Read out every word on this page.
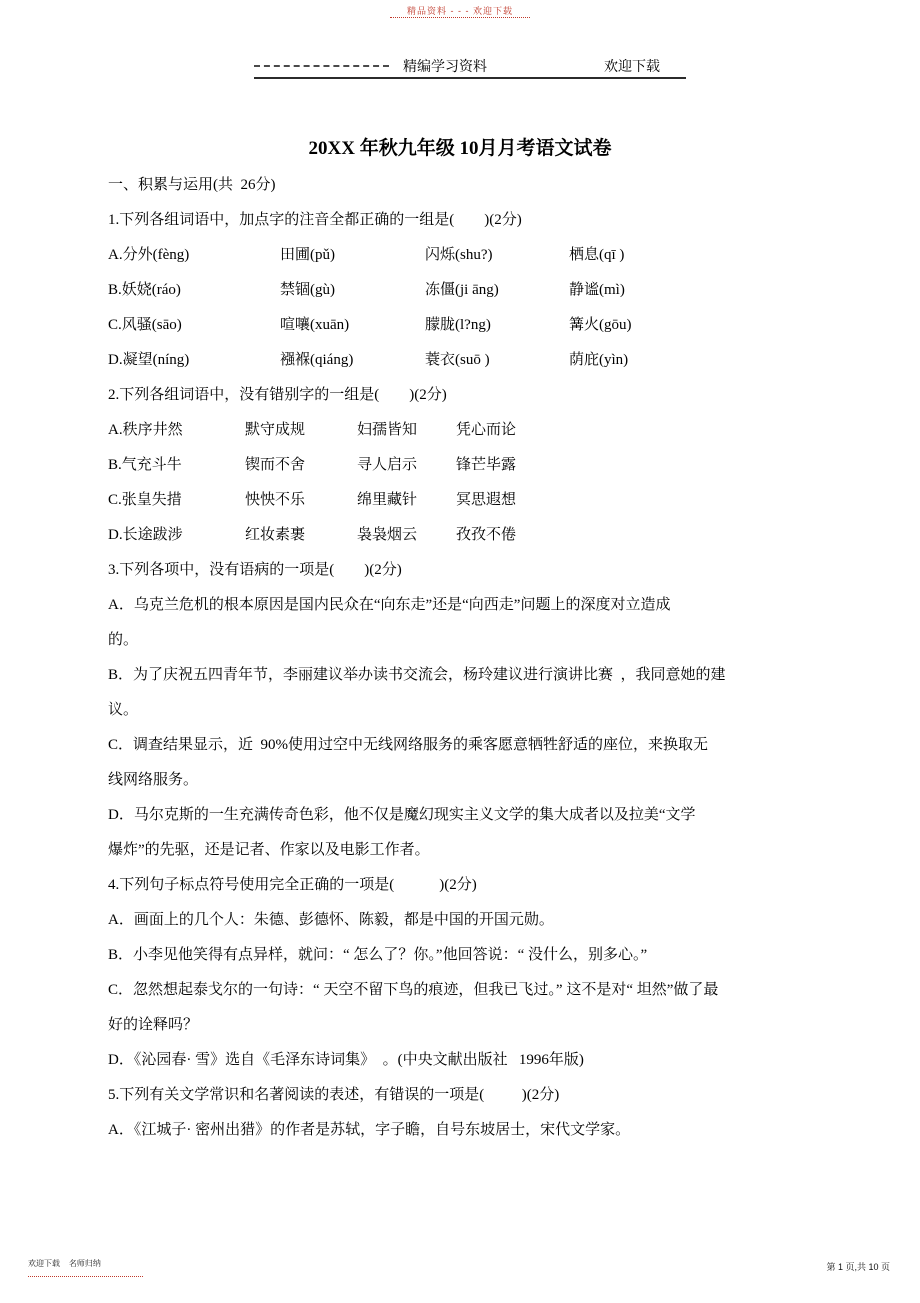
精品资料 - - - 欢迎下载
精编学习资料	欢迎下载
20XX 年秋九年级 10月月考语文试卷
一、积累与运用(共  26分)
1.下列各组词语中，加点字的注音全都正确的一组是(        )(2分)
A.分外(fèng)	田圃(pǔ)	闪烁(shu?)	栖息(qī )
B.妖娆(ráo)	禁锢(gù)	冻僵(ji āng)	静谧(mì)
C.风骚(sāo)	喧嚷(xuān)	朦胧(l?ng)	篝火(gōu)
D.凝望(níng)	襁褓(qiáng)	蓑衣(suō )	荫庇(yìn)
2.下列各组词语中，没有错别字的一组是(        )(2分)
A.秩序井然	默守成规	妇孺皆知	凭心而论
B.气充斗牛	锲而不舍	寻人启示	锋芒毕露
C.张皇失措	怏怏不乐	绵里藏针	冥思遐想
D.长途跋涉	红妆素裹	袅袅烟云	孜孜不倦
3.下列各项中，没有语病的一项是(        )(2分)
A．乌克兰危机的根本原因是国内民众在“向东走”还是“向西走”问题上的深度对立造成
的。
B．为了庆祝五四青年节，李丽建议举办读书交流会，杨玲建议进行演讲比赛  ，我同意她的建
议。
C．调查结果显示，近  90%使用过空中无线网络服务的乘客愿意牺牲舒适的座位，来换取无
线网络服务。
D．马尔克斯的一生充满传奇色彩，他不仅是魔幻现实主义文学的集大成者以及拉美“文学
爆炸”的先驱，还是记者、作家以及电影工作者。
4.下列句子标点符号使用完全正确的一项是(            )(2分)
A．画面上的几个人：朱德、彭德怀、陈毅，都是中国的开国元勋。
B．小李见他笑得有点异样，就问：“ 怎么了？你。”他回答说：“ 没什么，别多心。”
C．忽然想起泰戈尔的一句诗：“ 天空不留下鸟的痕迹，但我已飞过。” 这不是对“ 坦然”做了最
好的诠释吗？
D．《沁园春· 雪》选自《毛泽东诗词集》  。(中央文献出版社   1996年版)
5.下列有关文学常识和名著阅读的表述，有错误的一项是(          )(2分)
A．《江城子· 密州出猎》的作者是苏轼，字子瞻，自号东坡居士，宋代文学家。
欢迎下载    名师归纳	第 1 页,共 10 页
